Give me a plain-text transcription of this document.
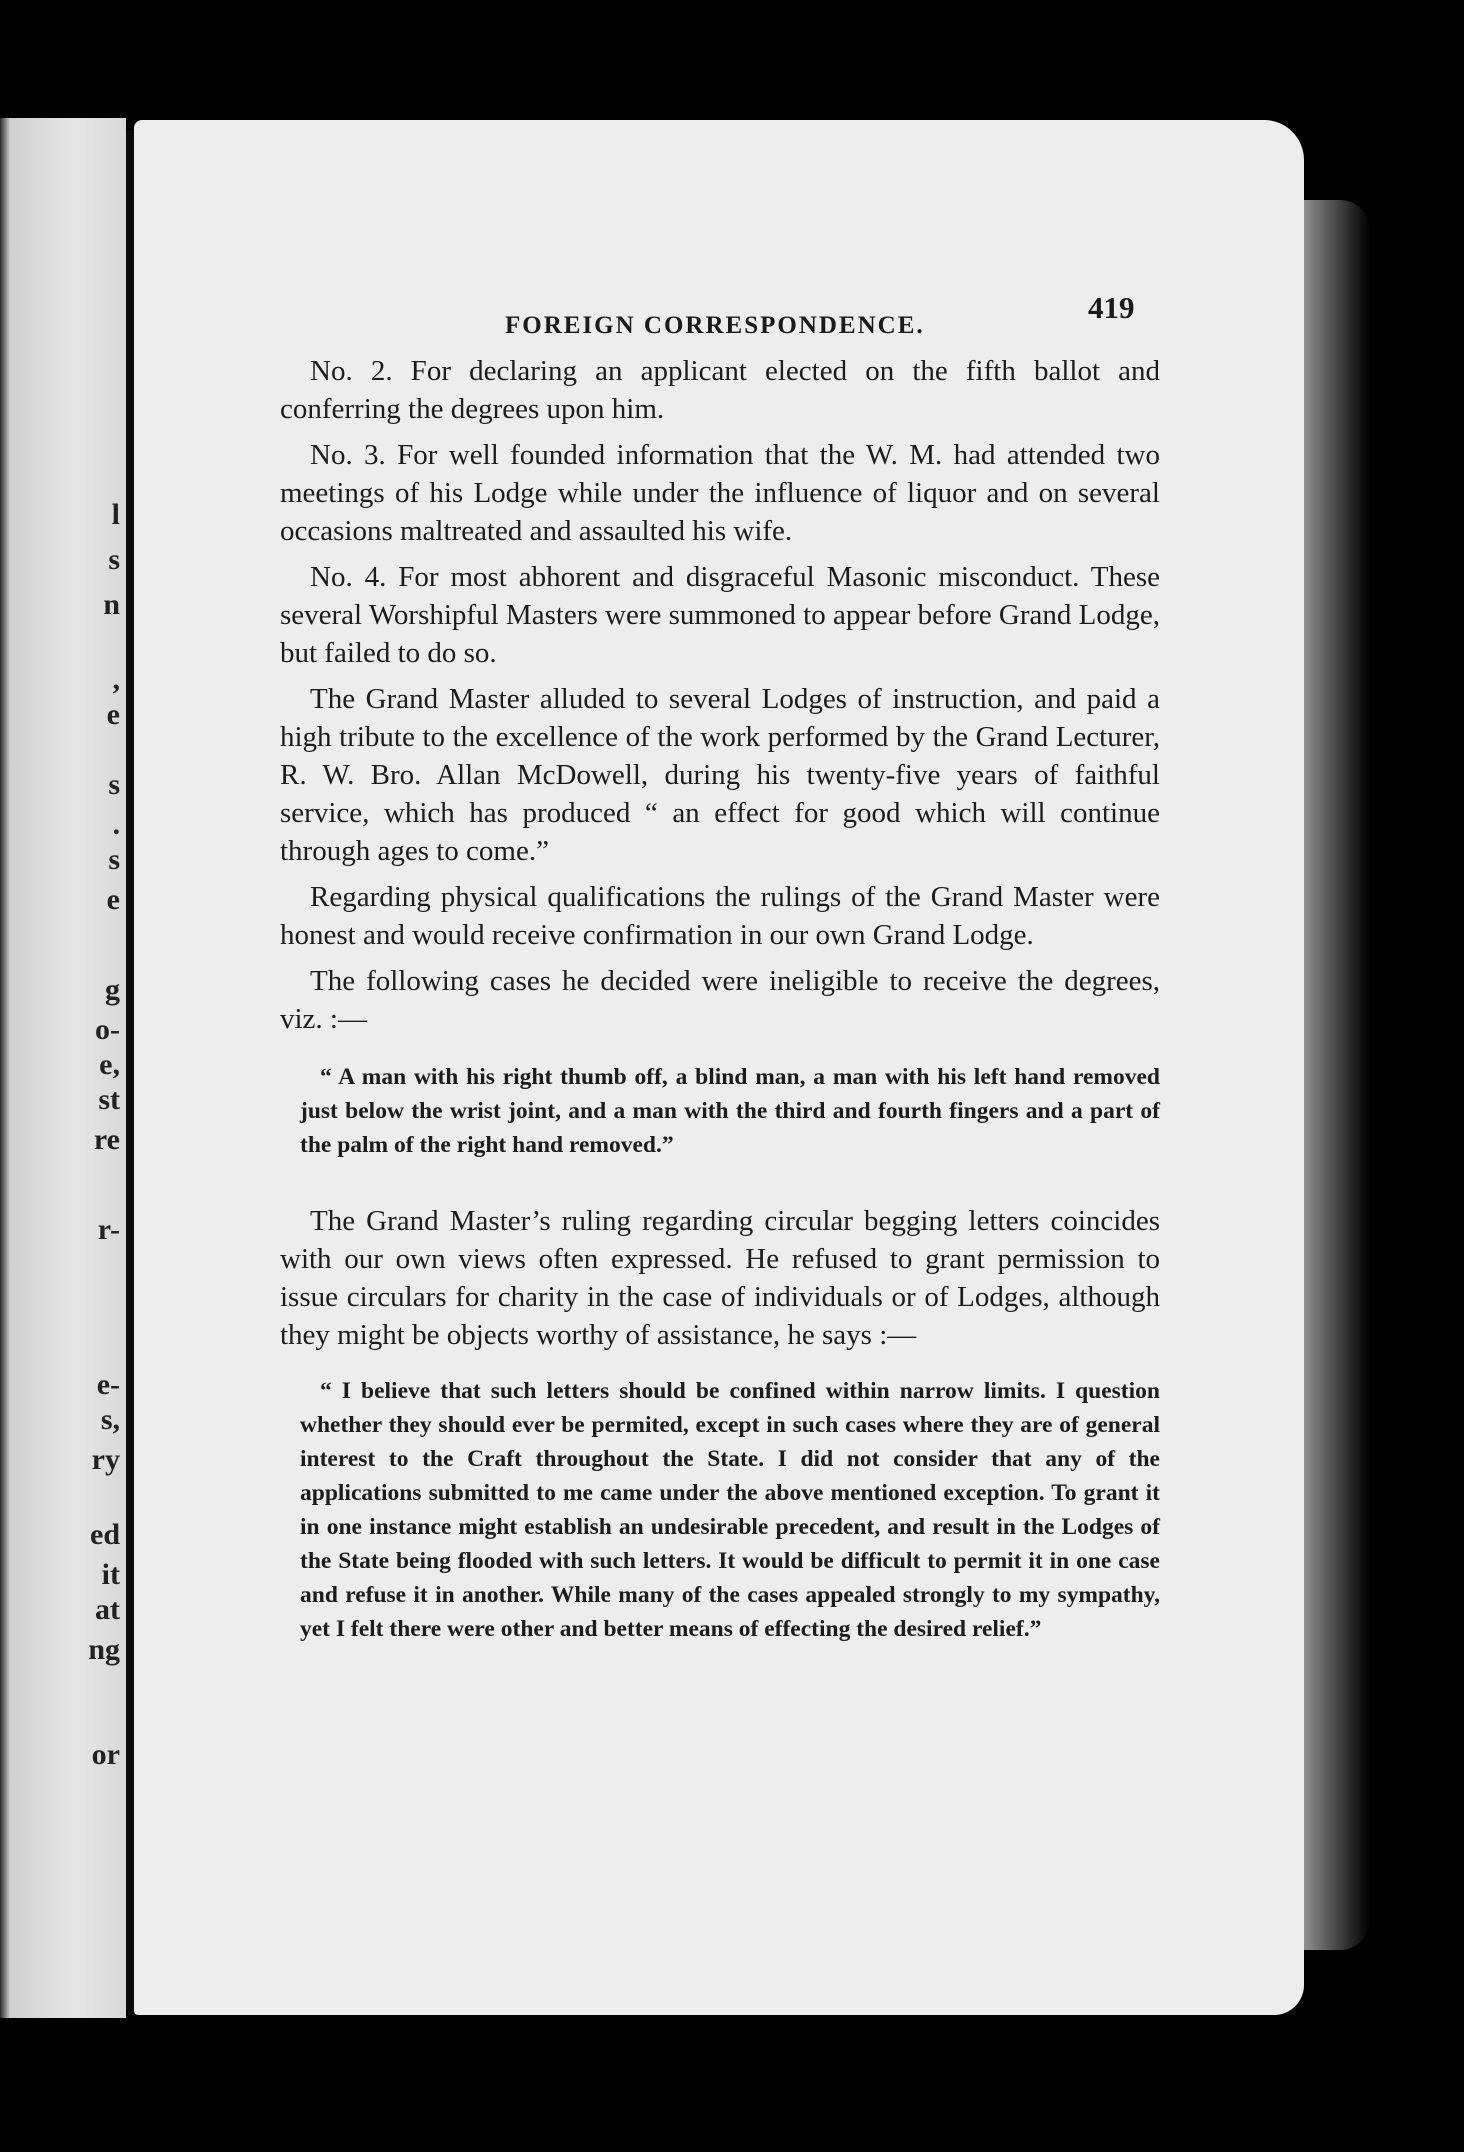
l
s
n
,
e
s
.
s
e
g
o-
e,
st
re
r-
e-
s,
ry
ed
it
at
ng
or
FOREIGN CORRESPONDENCE.
419

No. 2. For declaring an applicant elected on the fifth ballot and conferring the degrees upon him.

No. 3. For well founded information that the W. M. had attended two meetings of his Lodge while under the influence of liquor and on several occasions maltreated and assaulted his wife.

No. 4. For most abhorent and disgraceful Masonic misconduct. These several Worshipful Masters were summoned to appear before Grand Lodge, but failed to do so.

The Grand Master alluded to several Lodges of instruction, and paid a high tribute to the excellence of the work performed by the Grand Lecturer, R. W. Bro. Allan McDowell, during his twenty-five years of faithful service, which has produced “ an effect for good which will continue through ages to come.”

Regarding physical qualifications the rulings of the Grand Master were honest and would receive confirmation in our own Grand Lodge.

The following cases he decided were ineligible to receive the degrees, viz. :—

“ A man with his right thumb off, a blind man, a man with his left hand removed just below the wrist joint, and a man with the third and fourth fingers and a part of the palm of the right hand removed.”

The Grand Master’s ruling regarding circular begging letters coincides with our own views often expressed. He refused to grant permission to issue circulars for charity in the case of individuals or of Lodges, although they might be objects worthy of assistance, he says :—

“ I believe that such letters should be confined within narrow limits. I question whether they should ever be permited, except in such cases where they are of general interest to the Craft throughout the State. I did not consider that any of the applications submitted to me came under the above mentioned exception. To grant it in one instance might establish an undesirable precedent, and result in the Lodges of the State being flooded with such letters. It would be difficult to permit it in one case and refuse it in another. While many of the cases appealed strongly to my sympathy, yet I felt there were other and better means of effecting the desired relief.”
